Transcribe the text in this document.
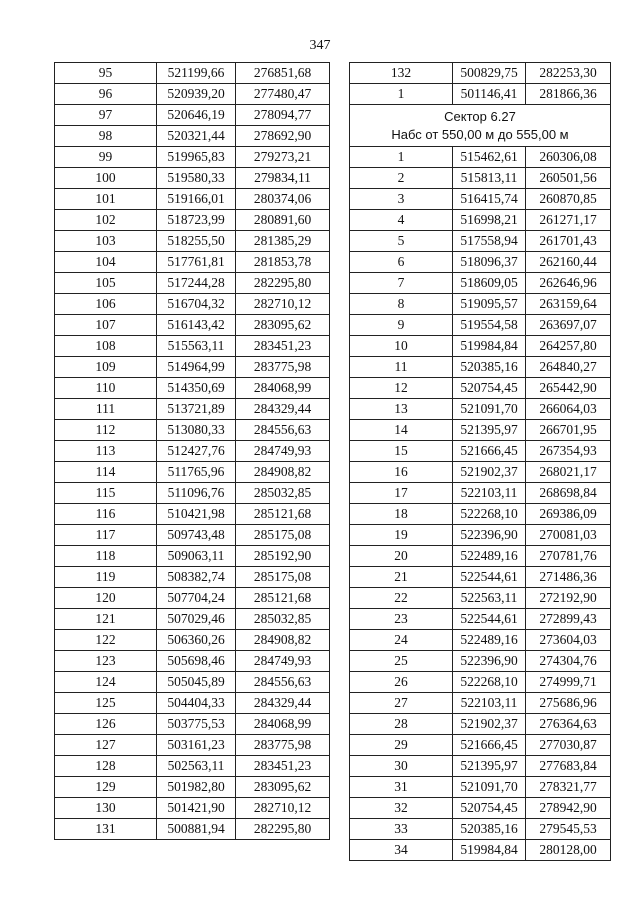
347
95	521199,66	276851,68
96	520939,20	277480,47
97	520646,19	278094,77
98	520321,44	278692,90
99	519965,83	279273,21
100	519580,33	279834,11
101	519166,01	280374,06
102	518723,99	280891,60
103	518255,50	281385,29
104	517761,81	281853,78
105	517244,28	282295,80
106	516704,32	282710,12
107	516143,42	283095,62
108	515563,11	283451,23
109	514964,99	283775,98
110	514350,69	284068,99
111	513721,89	284329,44
112	513080,33	284556,63
113	512427,76	284749,93
114	511765,96	284908,82
115	511096,76	285032,85
116	510421,98	285121,68
117	509743,48	285175,08
118	509063,11	285192,90
119	508382,74	285175,08
120	507704,24	285121,68
121	507029,46	285032,85
122	506360,26	284908,82
123	505698,46	284749,93
124	505045,89	284556,63
125	504404,33	284329,44
126	503775,53	284068,99
127	503161,23	283775,98
128	502563,11	283451,23
129	501982,80	283095,62
130	501421,90	282710,12
131	500881,94	282295,80
132	500829,75	282253,30
1	501146,41	281866,36

Сектор 6.27
Набс от 550,00 м до 555,00 м		

1	515462,61	260306,08
2	515813,11	260501,56
3	516415,74	260870,85
4	516998,21	261271,17
5	517558,94	261701,43
6	518096,37	262160,44
7	518609,05	262646,96
8	519095,57	263159,64
9	519554,58	263697,07
10	519984,84	264257,80
11	520385,16	264840,27
12	520754,45	265442,90
13	521091,70	266064,03
14	521395,97	266701,95
15	521666,45	267354,93
16	521902,37	268021,17
17	522103,11	268698,84
18	522268,10	269386,09
19	522396,90	270081,03
20	522489,16	270781,76
21	522544,61	271486,36
22	522563,11	272192,90
23	522544,61	272899,43
24	522489,16	273604,03
25	522396,90	274304,76
26	522268,10	274999,71
27	522103,11	275686,96
28	521902,37	276364,63
29	521666,45	277030,87
30	521395,97	277683,84
31	521091,70	278321,77
32	520754,45	278942,90
33	520385,16	279545,53
34	519984,84	280128,00
